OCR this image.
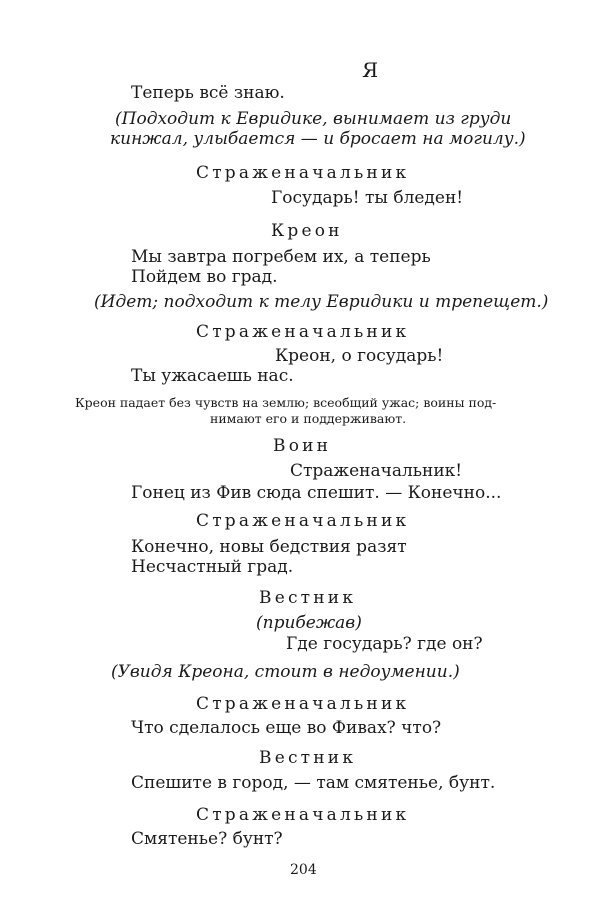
Я
Теперь всё знаю.
(Подходит к Евридике, вынимает из груди
кинжал, улыбается — и бросает на могилу.)
Страженачальник
Государь! ты бледен!
Креон
Мы завтра погребем их, а теперь
Пойдем во град.
(Идет; подходит к телу Евридики и трепещет.)
Страженачальник
Креон, о государь!
Ты ужасаешь нас.
Креон падает без чувств на землю; всеобщий ужас; воины под-
нимают его и поддерживают.
Воин
Страженачальник!
Гонец из Фив сюда спешит. — Конечно...
Страженачальник
Конечно, новы бедствия разят
Несчастный град.
Вестник
(прибежав)
Где государь? где он?
(Увидя Креона, стоит в недоумении.)
Страженачальник
Что сделалось еще во Фивах? что?
Вестник
Спешите в город, — там смятенье, бунт.
Страженачальник
Смятенье? бунт?
204
